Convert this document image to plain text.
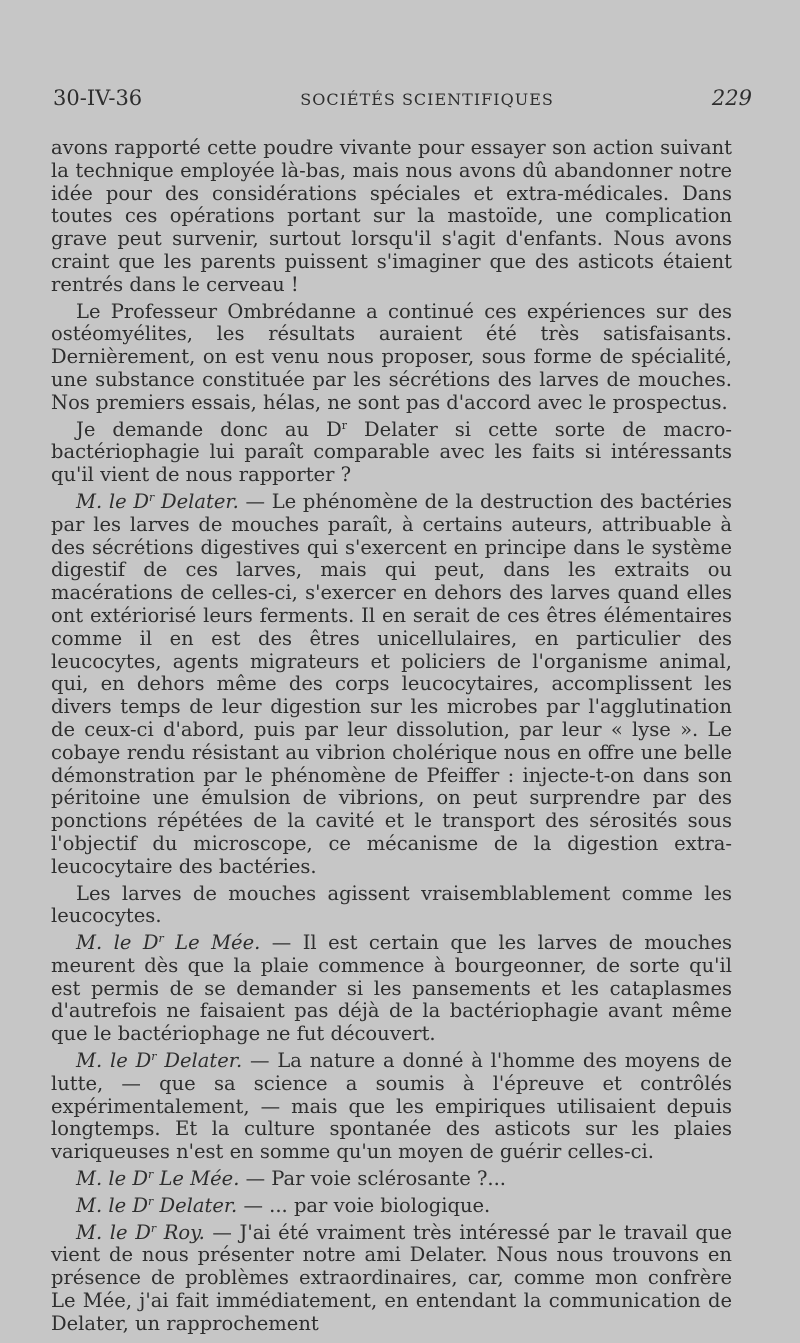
30-IV-36	SOCIÉTÉS SCIENTIFIQUES	229

avons rapporté cette poudre vivante pour essayer son action suivant la technique employée là-bas, mais nous avons dû abandonner notre idée pour des considérations spéciales et extra-médicales. Dans toutes ces opérations portant sur la mastoïde, une complication grave peut survenir, surtout lorsqu'il s'agit d'enfants. Nous avons craint que les parents puissent s'imaginer que des asticots étaient rentrés dans le cerveau !

Le Professeur Ombrédanne a continué ces expériences sur des ostéomyélites, les résultats auraient été très satisfaisants. Dernièrement, on est venu nous proposer, sous forme de spécialité, une substance constituée par les sécrétions des larves de mouches. Nos premiers essais, hélas, ne sont pas d'accord avec le prospectus.

Je demande donc au $D^r$ Delater si cette sorte de macro-bactériophagie lui paraît comparable avec les faits si intéressants qu'il vient de nous rapporter ?

M. le $D^r$ Delater. — Le phénomène de la destruction des bactéries par les larves de mouches paraît, à certains auteurs, attribuable à des sécrétions digestives qui s'exercent en principe dans le système digestif de ces larves, mais qui peut, dans les extraits ou macérations de celles-ci, s'exercer en dehors des larves quand elles ont extériorisé leurs ferments. Il en serait de ces êtres élémentaires comme il en est des êtres unicellulaires, en particulier des leucocytes, agents migrateurs et policiers de l'organisme animal, qui, en dehors même des corps leucocytaires, accomplissent les divers temps de leur digestion sur les microbes par l'agglutination de ceux-ci d'abord, puis par leur dissolution, par leur « lyse ». Le cobaye rendu résistant au vibrion cholérique nous en offre une belle démonstration par le phénomène de Pfeiffer : injecte-t-on dans son péritoine une émulsion de vibrions, on peut surprendre par des ponctions répétées de la cavité et le transport des sérosités sous l'objectif du microscope, ce mécanisme de la digestion extra-leucocytaire des bactéries.

Les larves de mouches agissent vraisemblablement comme les leucocytes.

M. le $D^r$ Le Mée. — Il est certain que les larves de mouches meurent dès que la plaie commence à bourgeonner, de sorte qu'il est permis de se demander si les pansements et les cataplasmes d'autrefois ne faisaient pas déjà de la bactériophagie avant même que le bactériophage ne fut découvert.

M. le $D^r$ Delater. — La nature a donné à l'homme des moyens de lutte, — que sa science a soumis à l'épreuve et contrôlés expérimentalement, — mais que les empiriques utilisaient depuis longtemps. Et la culture spontanée des asticots sur les plaies variqueuses n'est en somme qu'un moyen de guérir celles-ci.

M. le $D^r$ Le Mée. — Par voie sclérosante ?...

M. le $D^r$ Delater. — ... par voie biologique.

M. le $D^r$ Roy. — J'ai été vraiment très intéressé par le travail que vient de nous présenter notre ami Delater. Nous nous trouvons en présence de problèmes extraordinaires, car, comme mon confrère Le Mée, j'ai fait immédiatement, en entendant la communication de Delater, un rapprochement
